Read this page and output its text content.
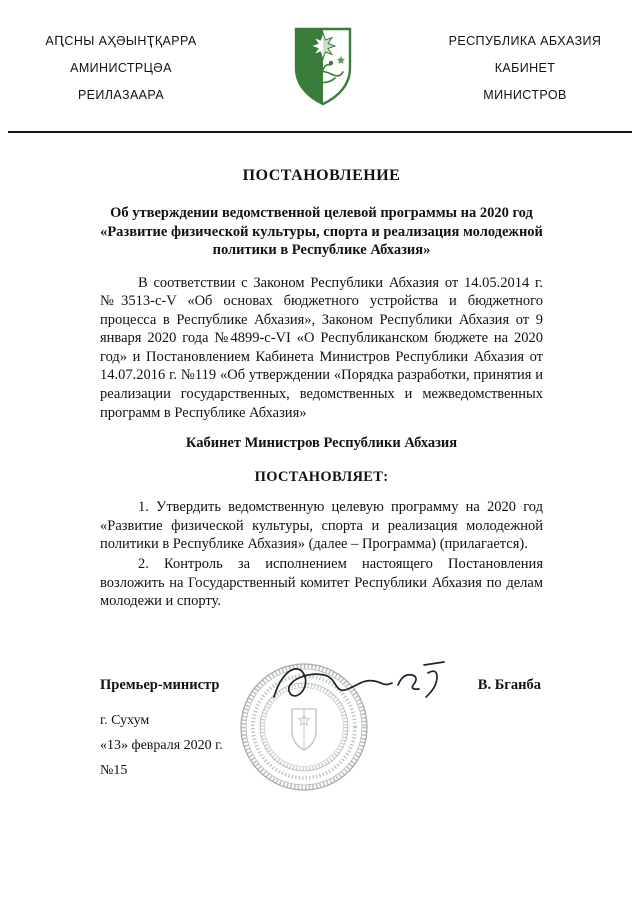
АԤСНЫ АҲӘЫНҬҚАРРА
АМИНИСТРЦӘА
РЕИЛАЗААРА
РЕСПУБЛИКА АБХАЗИЯ
КАБИНЕТ
МИНИСТРОВ
ПОСТАНОВЛЕНИЕ
Об утверждении ведомственной целевой программы на 2020 год «Развитие физической культуры, спорта и реализация молодежной политики в Республике Абхазия»

В соответствии с Законом Республики Абхазия от 14.05.2014 г. №3513-с-V «Об основах бюджетного устройства и бюджетного процесса в Республике Абхазия», Законом Республики Абхазия от 9 января 2020 года №4899-с-VI «О Республиканском бюджете на 2020 год» и Постановлением Кабинета Министров Республики Абхазия от 14.07.2016 г. №119 «Об утверждении «Порядка разработки, принятия и реализации государственных, ведомственных и межведомственных программ в Республике Абхазия»

Кабинет Министров Республики Абхазия
ПОСТАНОВЛЯЕТ:

1. Утвердить ведомственную целевую программу на 2020 год «Развитие физической культуры, спорта и реализация молодежной политики в Республике Абхазия» (далее – Программа) (прилагается).

2. Контроль за исполнением настоящего Постановления возложить на Государственный комитет Республики Абхазия по делам молодежи и спорту.

Премьер-министр	В. Бганба
г. Сухум
«13» февраля 2020 г.
№15
